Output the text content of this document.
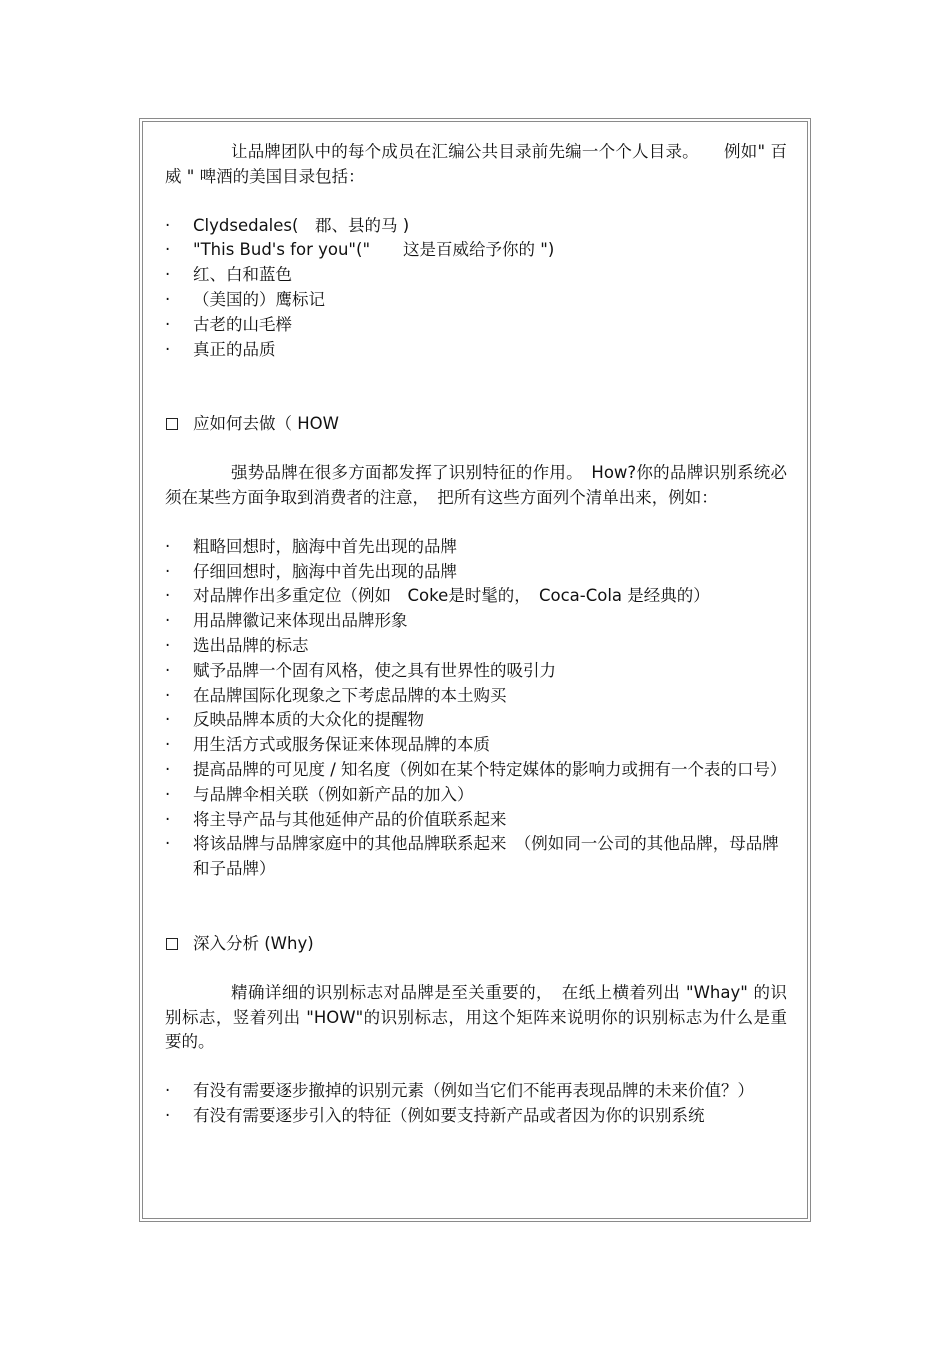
让品牌团队中的每个成员在汇编公共目录前先编一个个人目录。　　例如" 百威 " 啤酒的美国目录包括：

·	Clydsedales(　郡、县的马 )
·	"This Bud's for you"("　　这是百威给予你的 ")
·	红、白和蓝色
·	（美国的）鹰标记
·	古老的山毛榉
·	真正的品质

应如何去做（ HOW

强势品牌在很多方面都发挥了识别特征的作用。　How?你的品牌识别系统必须在某些方面争取到消费者的注意，　把所有这些方面列个清单出来，例如：

·	粗略回想时，脑海中首先出现的品牌
·	仔细回想时，脑海中首先出现的品牌
·	对品牌作出多重定位（例如　Coke是时髦的，　Coca-Cola 是经典的）
·	用品牌徽记来体现出品牌形象
·	选出品牌的标志
·	赋予品牌一个固有风格，使之具有世界性的吸引力
·	在品牌国际化现象之下考虑品牌的本土购买
·	反映品牌本质的大众化的提醒物
·	用生活方式或服务保证来体现品牌的本质
·	提高品牌的可见度 / 知名度（例如在某个特定媒体的影响力或拥有一个表的口号）
·	与品牌伞相关联（例如新产品的加入）
·	将主导产品与其他延伸产品的价值联系起来
·	将该品牌与品牌家庭中的其他品牌联系起来　（例如同一公司的其他品牌，母品牌和子品牌）

深入分析 (Why)

精确详细的识别标志对品牌是至关重要的，　在纸上横着列出 "Whay" 的识别标志，竖着列出 "HOW"的识别标志，用这个矩阵来说明你的识别标志为什么是重要的。

·	有没有需要逐步撤掉的识别元素（例如当它们不能再表现品牌的未来价值？）
·	有没有需要逐步引入的特征（例如要支持新产品或者因为你的识别系统
